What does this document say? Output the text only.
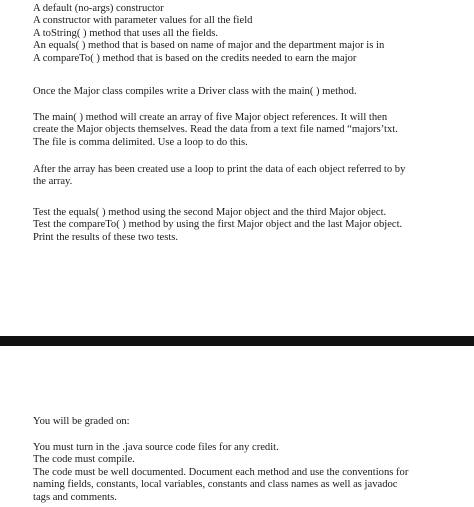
A default (no-args) constructor
A constructor with parameter values for all the field
A toString( ) method that uses all the fields.
An equals( ) method that is based on name of major and the department major is in
A compareTo( ) method that is based on the credits needed to earn the major
Once the Major class compiles write a Driver class with the main( ) method.
The main( ) method will create an array of five Major object references. It will then
create the Major objects themselves. Read the data from a text file named “majors’txt.
The file is comma delimited. Use a loop to do this.
After the array has been created use a loop to print the data of each object referred to by
the array.
Test the equals( ) method using the second Major object and the third Major object.
Test the compareTo( ) method by using the first Major object and the last Major object.
Print the results of these two tests.
You will be graded on:
You must turn in the .java source code files for any credit.
The code must compile.
The code must be well documented. Document each method and use the conventions for
naming fields, constants, local variables, constants and class names as well as javadoc
tags and comments.
